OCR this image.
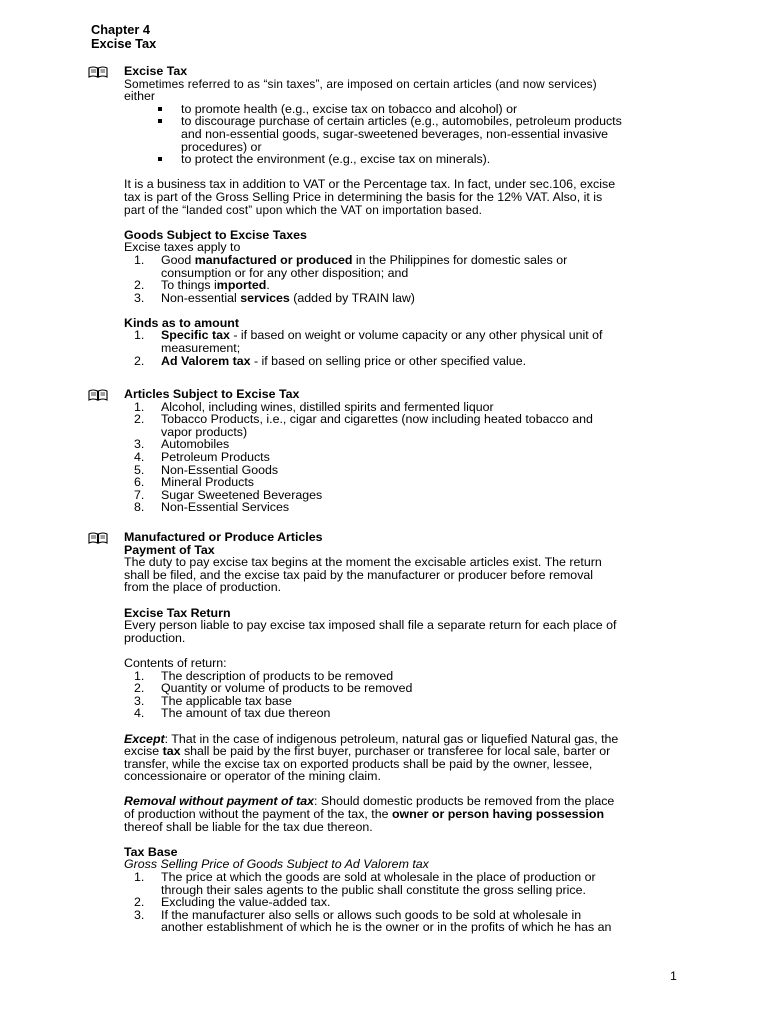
Chapter 4
Excise Tax
Excise Tax
Sometimes referred to as “sin taxes”, are imposed on certain articles (and now services)
either
to promote health (e.g., excise tax on tobacco and alcohol) or
to discourage purchase of certain articles (e.g., automobiles, petroleum products
and non-essential goods, sugar-sweetened beverages, non-essential invasive
procedures) or
to protect the environment (e.g., excise tax on minerals).
It is a business tax in addition to VAT or the Percentage tax. In fact, under sec.106, excise
tax is part of the Gross Selling Price in determining the basis for the 12% VAT. Also, it is
part of the “landed cost” upon which the VAT on importation based.
Goods Subject to Excise Taxes
Excise taxes apply to
1. Good manufactured or produced in the Philippines for domestic sales or
consumption or for any other disposition; and
2. To things imported.
3. Non-essential services (added by TRAIN law)
Kinds as to amount
1. Specific tax - if based on weight or volume capacity or any other physical unit of
measurement;
2. Ad Valorem tax - if based on selling price or other specified value.
Articles Subject to Excise Tax
1. Alcohol, including wines, distilled spirits and fermented liquor
2. Tobacco Products, i.e., cigar and cigarettes (now including heated tobacco and
vapor products)
3. Automobiles
4. Petroleum Products
5. Non-Essential Goods
6. Mineral Products
7. Sugar Sweetened Beverages
8. Non-Essential Services
Manufactured or Produce Articles
Payment of Tax
The duty to pay excise tax begins at the moment the excisable articles exist. The return
shall be filed, and the excise tax paid by the manufacturer or producer before removal
from the place of production.
Excise Tax Return
Every person liable to pay excise tax imposed shall file a separate return for each place of
production.
Contents of return:
1. The description of products to be removed
2. Quantity or volume of products to be removed
3. The applicable tax base
4. The amount of tax due thereon
Except: That in the case of indigenous petroleum, natural gas or liquefied Natural gas, the
excise tax shall be paid by the first buyer, purchaser or transferee for local sale, barter or
transfer, while the excise tax on exported products shall be paid by the owner, lessee,
concessionaire or operator of the mining claim.
Removal without payment of tax: Should domestic products be removed from the place
of production without the payment of the tax, the owner or person having possession
thereof shall be liable for the tax due thereon.
Tax Base
Gross Selling Price of Goods Subject to Ad Valorem tax
1. The price at which the goods are sold at wholesale in the place of production or
through their sales agents to the public shall constitute the gross selling price.
2. Excluding the value-added tax.
3. If the manufacturer also sells or allows such goods to be sold at wholesale in
another establishment of which he is the owner or in the profits of which he has an
1
